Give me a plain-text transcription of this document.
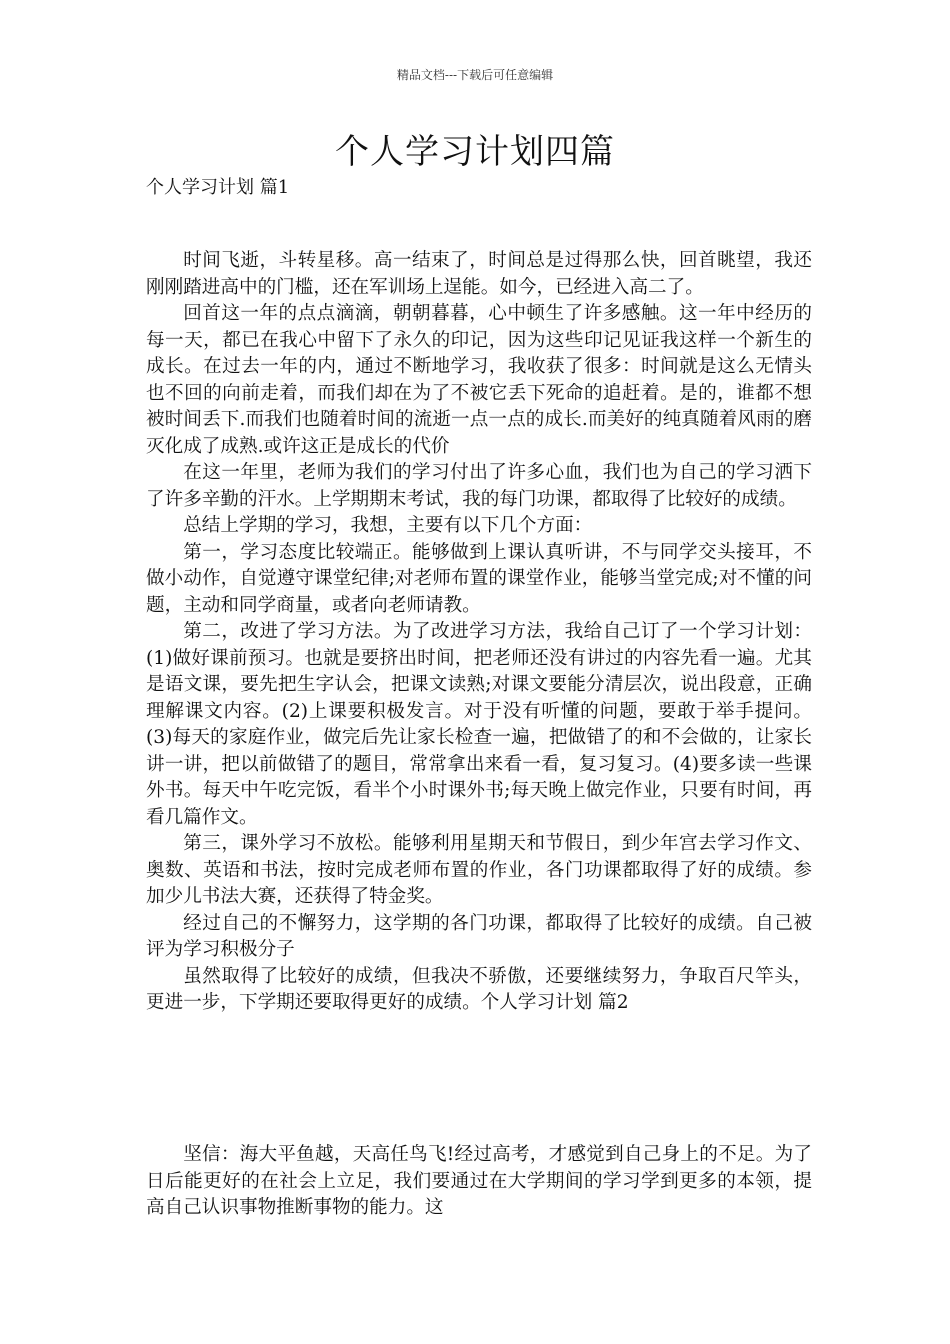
精品文档---下载后可任意编辑
个人学习计划四篇
个人学习计划 篇1

时间飞逝，斗转星移。高一结束了，时间总是过得那么快，回首眺望，我还刚刚踏进高中的门槛，还在军训场上逞能。如今，已经进入高二了。

回首这一年的点点滴滴，朝朝暮暮，心中顿生了许多感触。这一年中经历的每一天，都已在我心中留下了永久的印记，因为这些印记见证我这样一个新生的成长。在过去一年的内，通过不断地学习，我收获了很多：时间就是这么无情头也不回的向前走着，而我们却在为了不被它丢下死命的追赶着。是的，谁都不想被时间丢下.而我们也随着时间的流逝一点一点的成长.而美好的纯真随着风雨的磨灭化成了成熟.或许这正是成长的代价

在这一年里，老师为我们的学习付出了许多心血，我们也为自己的学习洒下了许多辛勤的汗水。上学期期末考试，我的每门功课，都取得了比较好的成绩。

总结上学期的学习，我想，主要有以下几个方面：

第一，学习态度比较端正。能够做到上课认真听讲，不与同学交头接耳，不做小动作，自觉遵守课堂纪律;对老师布置的课堂作业，能够当堂完成;对不懂的问题，主动和同学商量，或者向老师请教。

第二，改进了学习方法。为了改进学习方法，我给自己订了一个学习计划：(1)做好课前预习。也就是要挤出时间，把老师还没有讲过的内容先看一遍。尤其是语文课，要先把生字认会，把课文读熟;对课文要能分清层次，说出段意，正确理解课文内容。(2)上课要积极发言。对于没有听懂的问题，要敢于举手提问。(3)每天的家庭作业，做完后先让家长检查一遍，把做错了的和不会做的，让家长讲一讲，把以前做错了的题目，常常拿出来看一看，复习复习。(4)要多读一些课外书。每天中午吃完饭，看半个小时课外书;每天晚上做完作业，只要有时间，再看几篇作文。

第三，课外学习不放松。能够利用星期天和节假日，到少年宫去学习作文、奥数、英语和书法，按时完成老师布置的作业，各门功课都取得了好的成绩。参加少儿书法大赛，还获得了特金奖。

经过自己的不懈努力，这学期的各门功课，都取得了比较好的成绩。自己被评为学习积极分子

虽然取得了比较好的成绩，但我决不骄傲，还要继续努力，争取百尺竿头，更进一步，下学期还要取得更好的成绩。个人学习计划 篇2

坚信：海大平鱼越，天高任鸟飞!经过高考，才感觉到自己身上的不足。为了日后能更好的在社会上立足，我们要通过在大学期间的学习学到更多的本领，提高自己认识事物推断事物的能力。这
